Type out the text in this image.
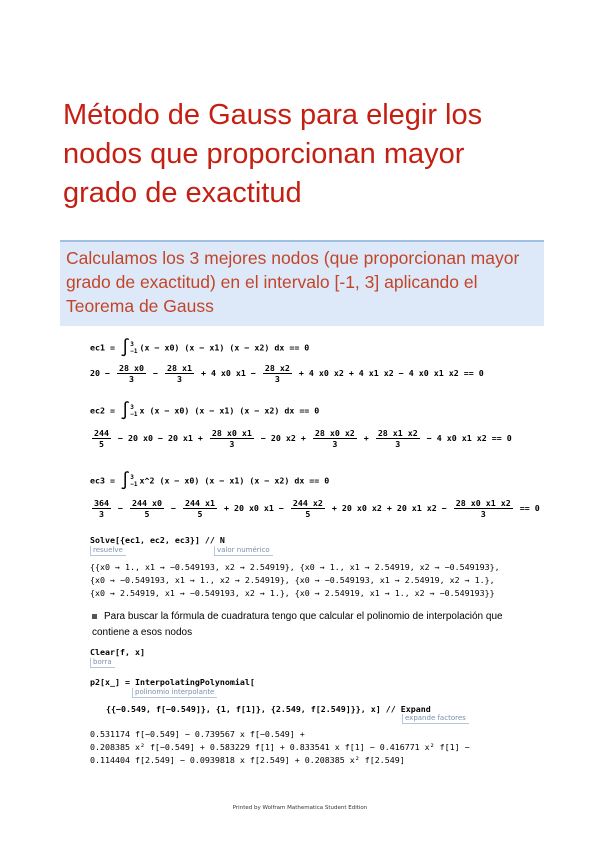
Método de Gauss para elegir los nodos que proporcionan mayor grado de exactitud
Calculamos los 3 mejores nodos (que proporcionan mayor grado de exactitud) en el intervalo [-1, 3] aplicando el Teorema de Gauss
ec1 = ∫ 3
−1 (x − x0) (x − x1) (x − x2) dx == 0
$20 - \frac{28 x0}{3} - \frac{28 x1}{3} + 4$ x0 $x1 - \frac{28 x2}{3} + 4$ x0 x2 + 4 x1 x2 − 4 x0 x1 x2 == 0
ec2 = ∫ 3
−1 x (x − x0) (x − x1) (x − x2) dx == 0
$\frac{244}{5} - 20$ x0 − 20 $x1 + \frac{28 x0 x1}{3} - 20$ $x2 + \frac{28 x0 x2}{3} + \frac{28 x1 x2}{3} - 4$ x0 x1 x2 == 0
ec3 = ∫ 3
−1 x^2 (x − x0) (x − x1) (x − x2) dx == 0
$\frac{364}{3} - \frac{244 x0}{5} - \frac{244 x1}{5} + 20$ x0 $x1 - \frac{244 x2}{5} + 20$ x0 x2 + 20 x1 $x2 - \frac{28 x0 x1 x2}{3} == 0$
Solve[{ec1, ec2, ec3}] // N
resuelve	valor numérico
{{x0 → 1., x1 → −0.549193, x2 → 2.54919}, {x0 → 1., x1 → 2.54919, x2 → −0.549193},
{x0 → −0.549193, x1 → 1., x2 → 2.54919}, {x0 → −0.549193, x1 → 2.54919, x2 → 1.},
{x0 → 2.54919, x1 → −0.549193, x2 → 1.}, {x0 → 2.54919, x1 → 1., x2 → −0.549193}}
Para buscar la fórmula de cuadratura tengo que calcular el polinomio de interpolación que contiene a esos nodos
Clear[f, x]
borra
p2[x_] = InterpolatingPolynomial[
polinomio interpolante
{{−0.549, f[−0.549]}, {1, f[1]}, {2.549, f[2.549]}}, x] // Expand
expande factores
0.531174 f[−0.549] − 0.739567 x f[−0.549] +
0.208385 x² f[−0.549] + 0.583229 f[1] + 0.833541 x f[1] − 0.416771 x² f[1] −
0.114404 f[2.549] − 0.0939818 x f[2.549] + 0.208385 x² f[2.549]
Printed by Wolfram Mathematica Student Edition
